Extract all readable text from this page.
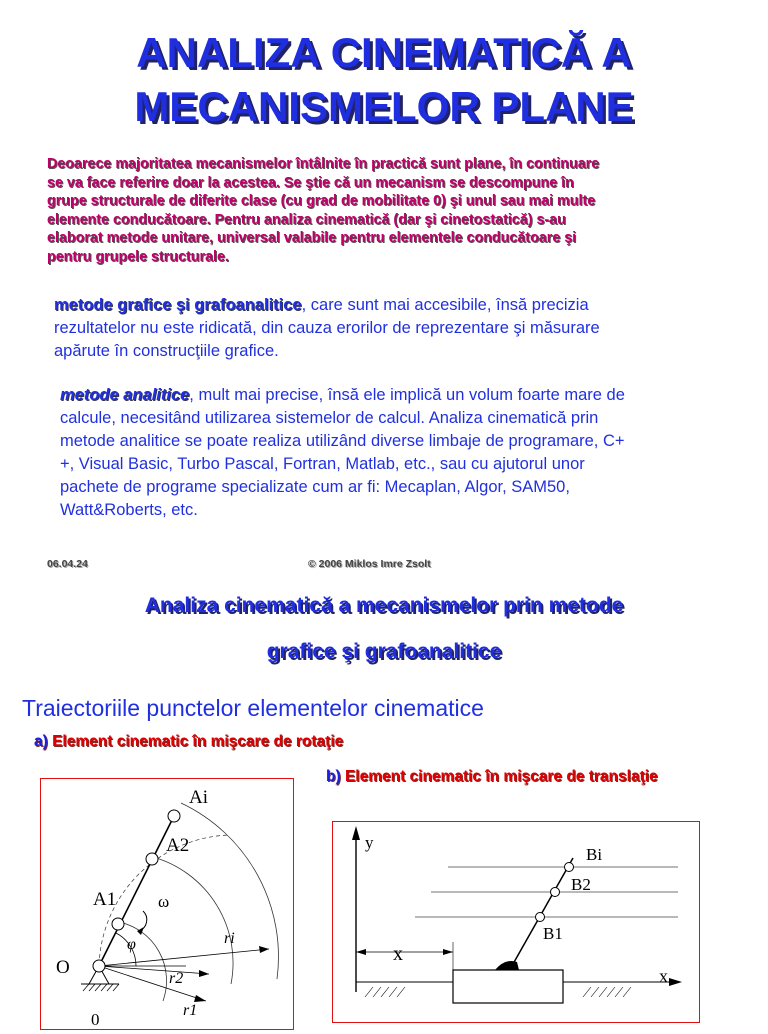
ANALIZA CINEMATICĂ A
MECANISMELOR PLANE
Deoarece majoritatea mecanismelor întâlnite în practică sunt plane, în continuare
se va face referire doar la acestea. Se ştie că un mecanism se descompune în
grupe structurale de diferite clase (cu grad de mobilitate 0) şi unul sau mai multe
elemente conducătoare. Pentru analiza cinematică (dar şi cinetostatică) s-au
elaborat metode unitare, universal valabile pentru elementele conducătoare şi
pentru grupele structurale.
metode grafice şi grafoanalitice, care sunt mai accesibile, însă precizia
rezultatelor nu este ridicată, din cauza erorilor de reprezentare şi măsurare
apărute în construcţiile grafice.
metode analitice, mult mai precise, însă ele implică un volum foarte mare de
calcule, necesitând utilizarea sistemelor de calcul. Analiza cinematică prin
metode analitice se poate realiza utilizând diverse limbaje de programare, C+
+, Visual Basic, Turbo Pascal, Fortran, Matlab, etc., sau cu ajutorul unor
pachete de programe specializate cum ar fi: Mecaplan, Algor, SAM50,
Watt&Roberts, etc.
06.04.24	© 2006 Miklos Imre Zsolt
Analiza cinematică a mecanismelor prin metode
grafice şi grafoanalitice
Traiectoriile punctelor elementelor cinematice
a) Element cinematic în mişcare de rotaţie
b) Element cinematic în mişcare de translaţie
Ai
A2
A1
O
ω
φ	ri
r2
r1
0
y
x
x
Bi
B2
B1
